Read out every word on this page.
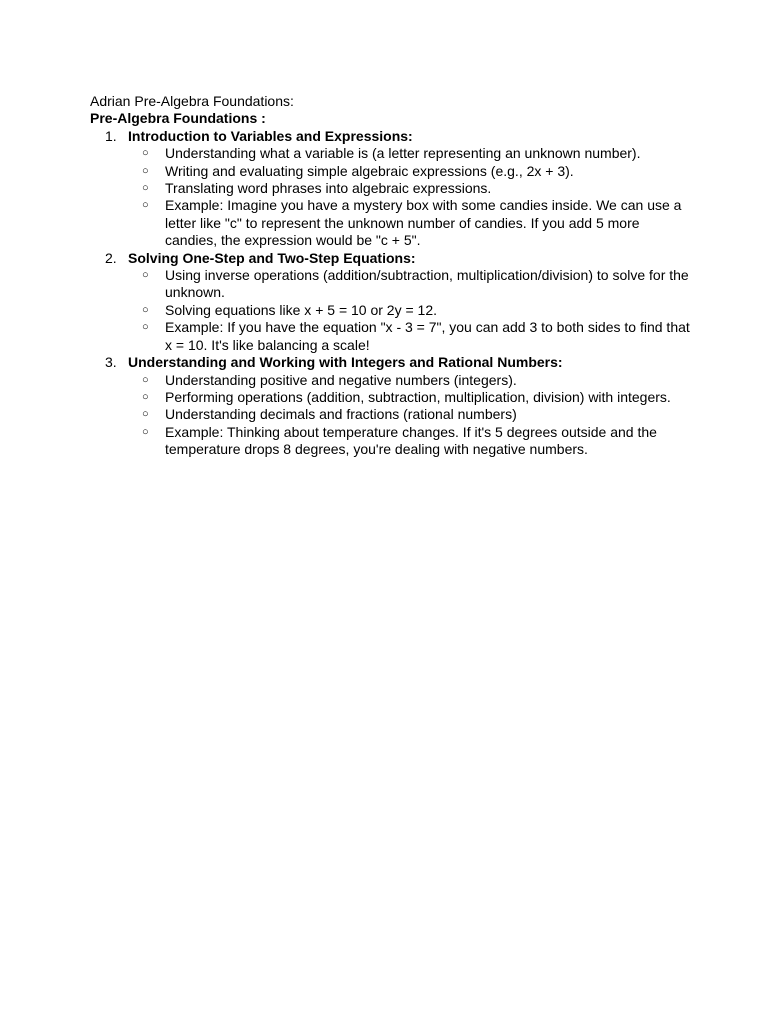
Adrian Pre-Algebra Foundations:

Pre-Algebra Foundations :

1. Introduction to Variables and Expressions:
○ Understanding what a variable is (a letter representing an unknown number).
○ Writing and evaluating simple algebraic expressions (e.g., 2x + 3).
○ Translating word phrases into algebraic expressions.
○ Example: Imagine you have a mystery box with some candies inside. We can use a letter like "c" to represent the unknown number of candies. If you add 5 more candies, the expression would be "c + 5".
2. Solving One-Step and Two-Step Equations:
○ Using inverse operations (addition/subtraction, multiplication/division) to solve for the unknown.
○ Solving equations like x + 5 = 10 or 2y = 12.
○ Example: If you have the equation "x - 3 = 7", you can add 3 to both sides to find that x = 10. It's like balancing a scale!
3. Understanding and Working with Integers and Rational Numbers:
○ Understanding positive and negative numbers (integers).
○ Performing operations (addition, subtraction, multiplication, division) with integers.
○ Understanding decimals and fractions (rational numbers)
○ Example: Thinking about temperature changes. If it's 5 degrees outside and the temperature drops 8 degrees, you're dealing with negative numbers.
